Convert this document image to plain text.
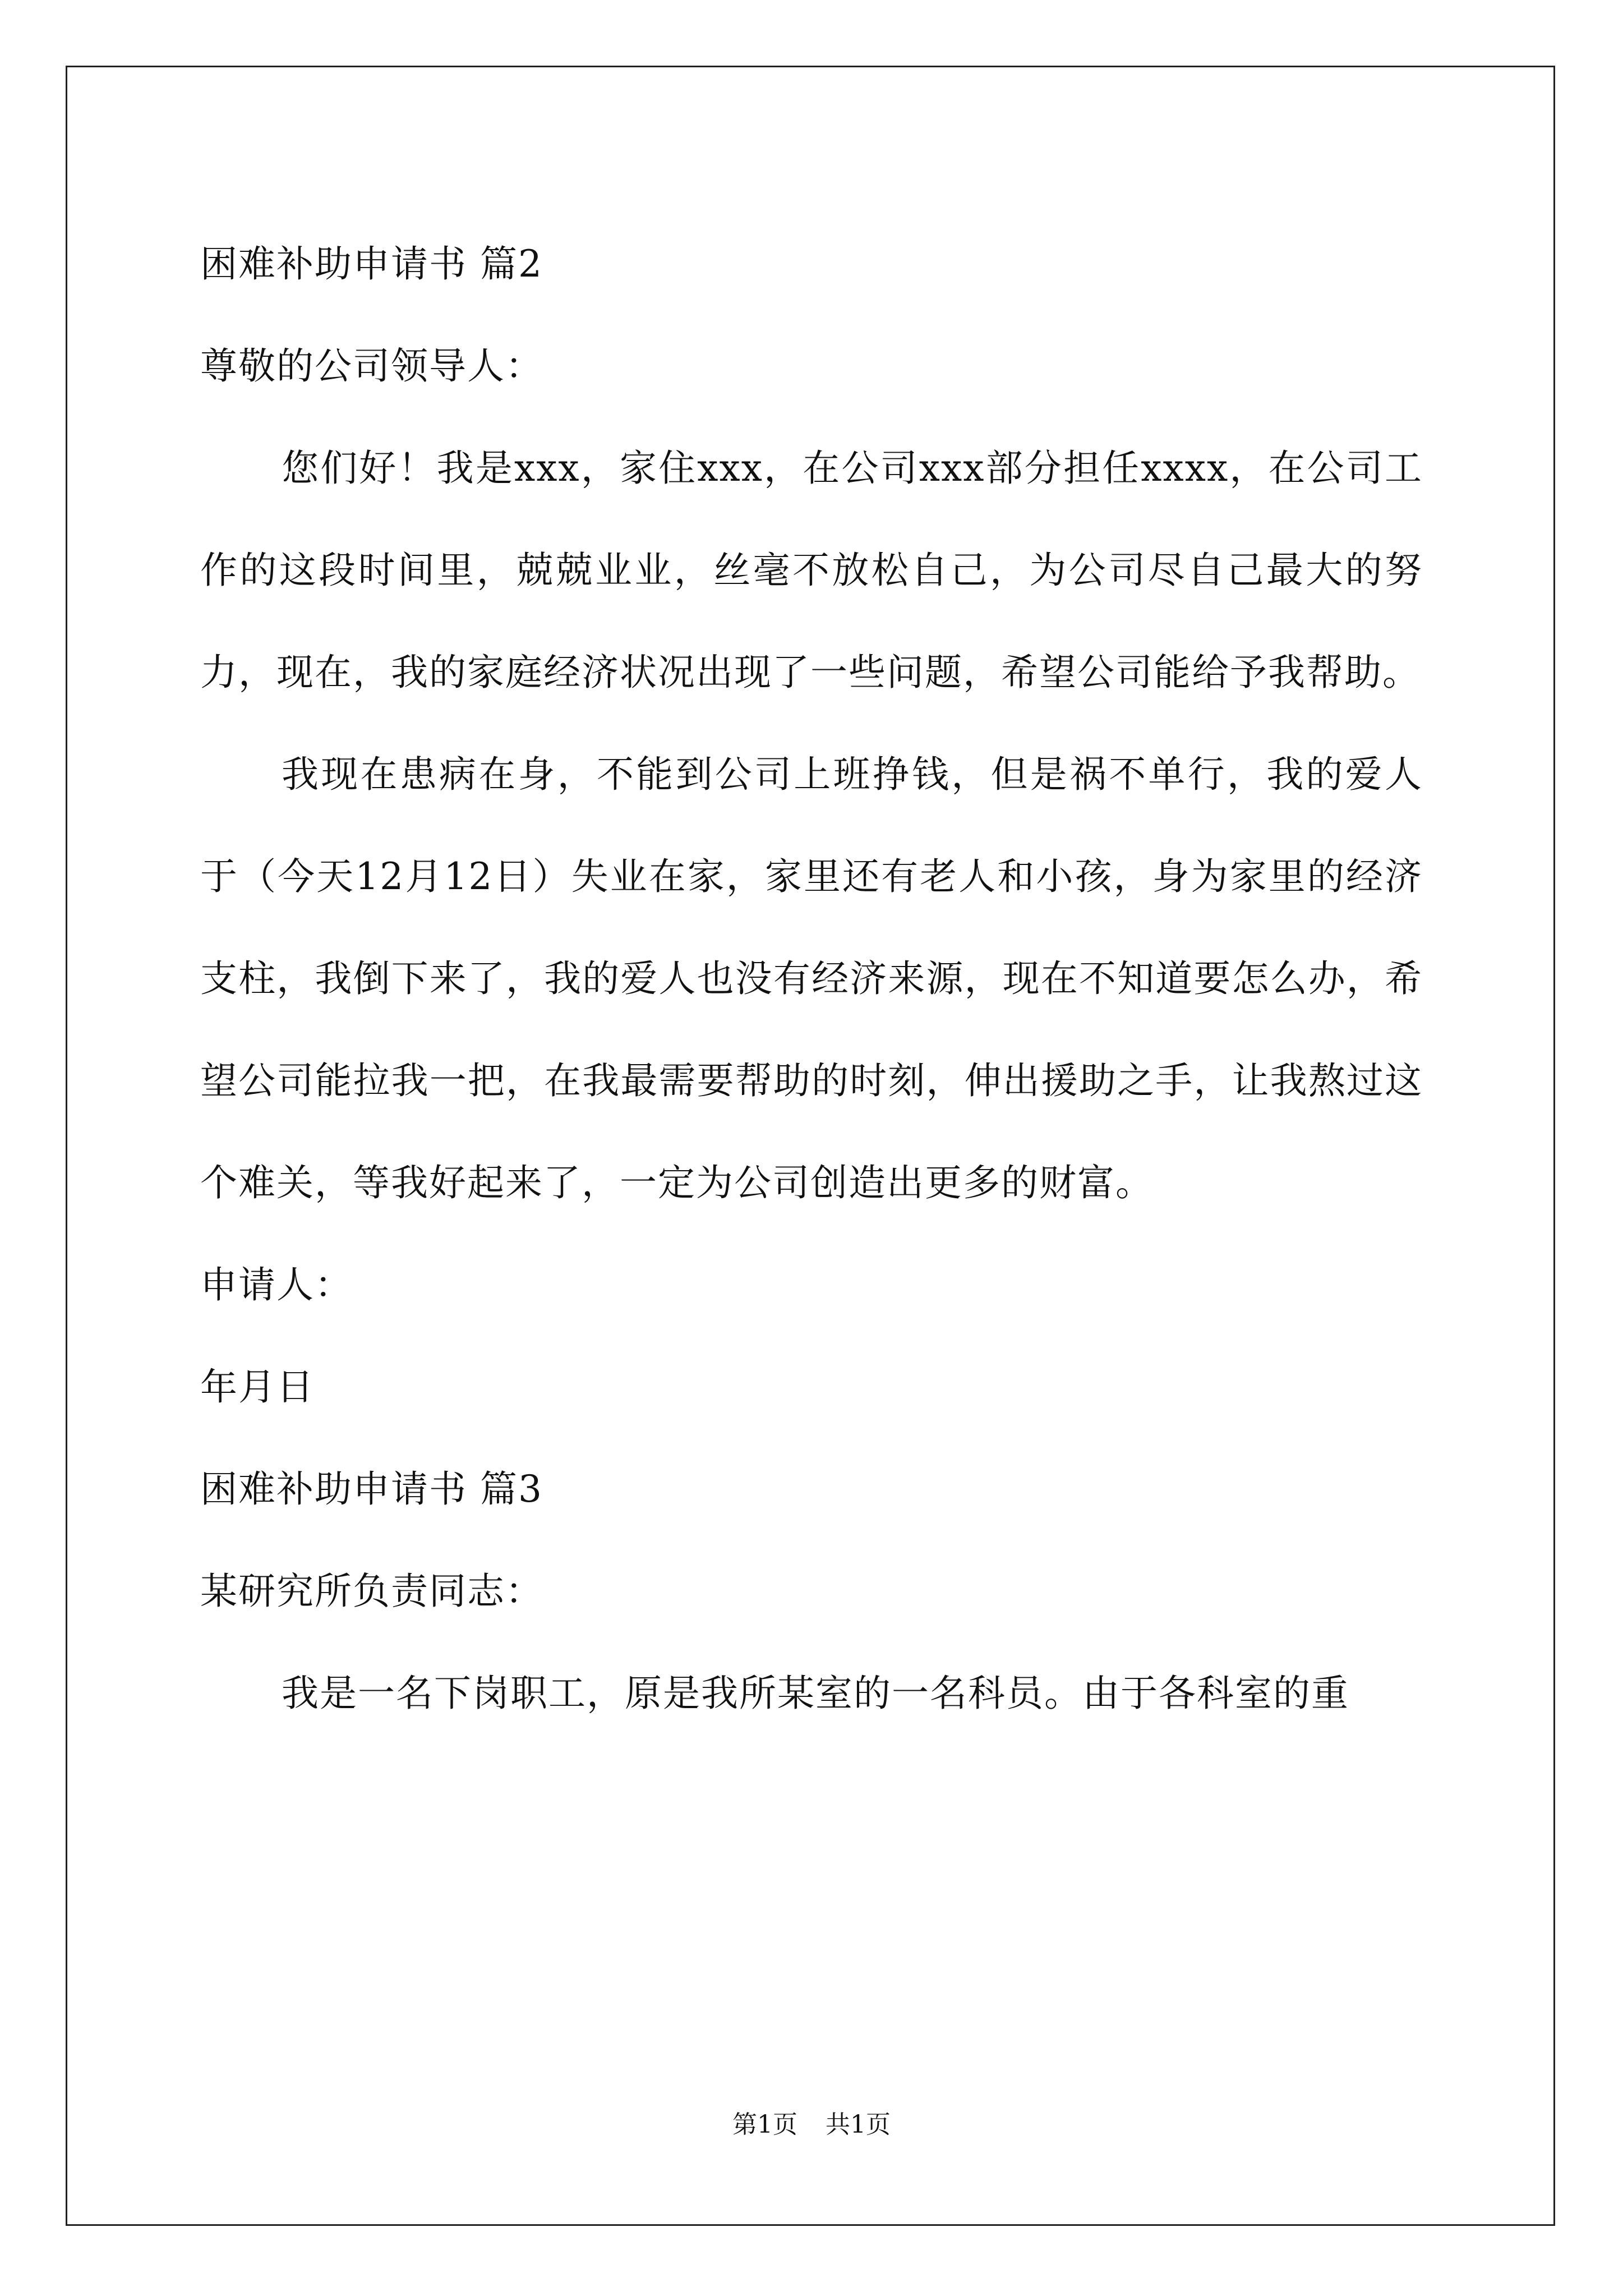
困难补助申请书 篇2
尊敬的公司领导人：
您们好！我是xxx，家住xxx，在公司xxx部分担任xxxx，在公司工作的这段时间里，兢兢业业，丝毫不放松自己，为公司尽自己最大的努力，现在，我的家庭经济状况出现了一些问题，希望公司能给予我帮助。
我现在患病在身，不能到公司上班挣钱，但是祸不单行，我的爱人于（今天12月12日）失业在家，家里还有老人和小孩，身为家里的经济支柱，我倒下来了，我的爱人也没有经济来源，现在不知道要怎么办，希望公司能拉我一把，在我最需要帮助的时刻，伸出援助之手，让我熬过这个难关，等我好起来了，一定为公司创造出更多的财富。
申请人：
年月日
困难补助申请书 篇3
某研究所负责同志：
我是一名下岗职工，原是我所某室的一名科员。由于各科室的重
第1页 共1页
